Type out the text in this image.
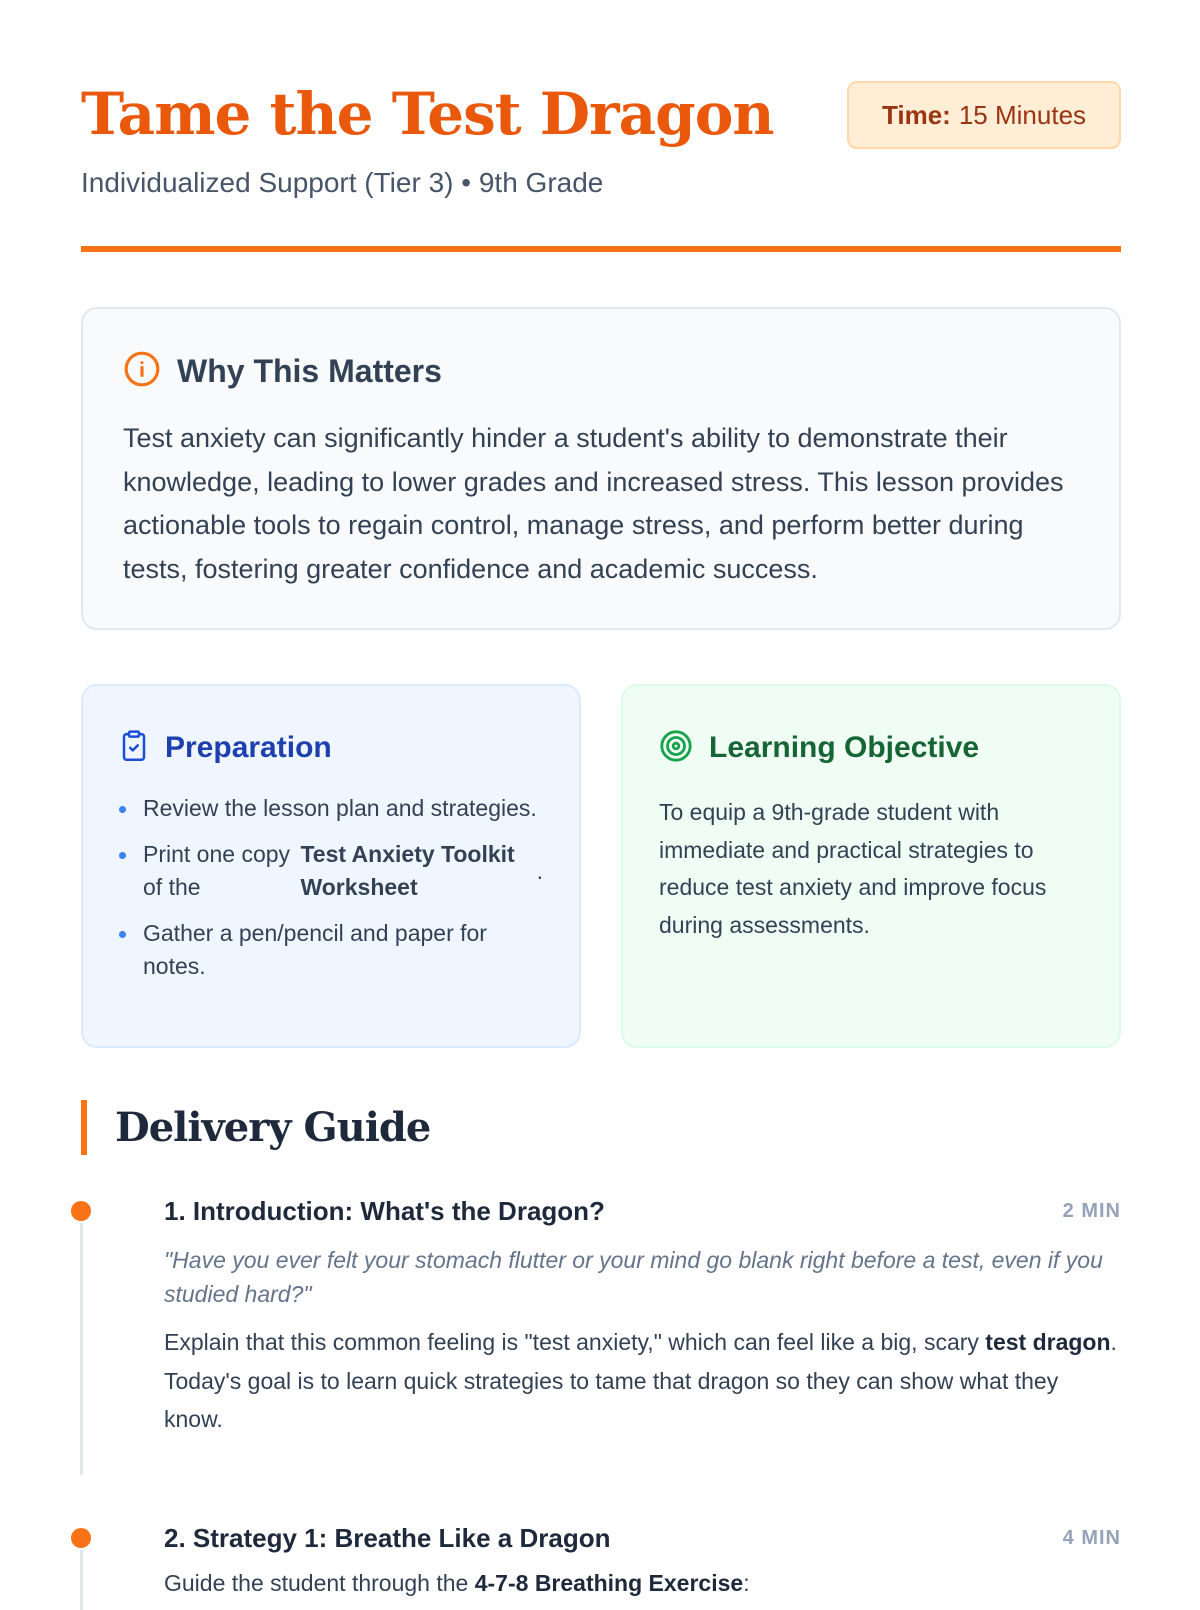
Tame the Test Dragon
Individualized Support (Tier 3) • 9th Grade
Time: 15 Minutes
Why This Matters

Test anxiety can significantly hinder a student's ability to demonstrate their knowledge, leading to lower grades and increased stress. This lesson provides actionable tools to regain control, manage stress, and perform better during tests, fostering greater confidence and academic success.

Preparation
Review the lesson plan and strategies.
Print one copy of the
Test Anxiety Toolkit Worksheet
.
Gather a pen/pencil and paper for notes.
Learning Objective

To equip a 9th-grade student with immediate and practical strategies to reduce test anxiety and improve focus during assessments.

Delivery Guide
1. Introduction: What's the Dragon?	2 MIN

"Have you ever felt your stomach flutter or your mind go blank right before a test, even if you studied hard?"

Explain that this common feeling is "test anxiety," which can feel like a big, scary test dragon. Today's goal is to learn quick strategies to tame that dragon so they can show what they know.

2. Strategy 1: Breathe Like a Dragon	4 MIN

Guide the student through the 4-7-8 Breathing Exercise:
